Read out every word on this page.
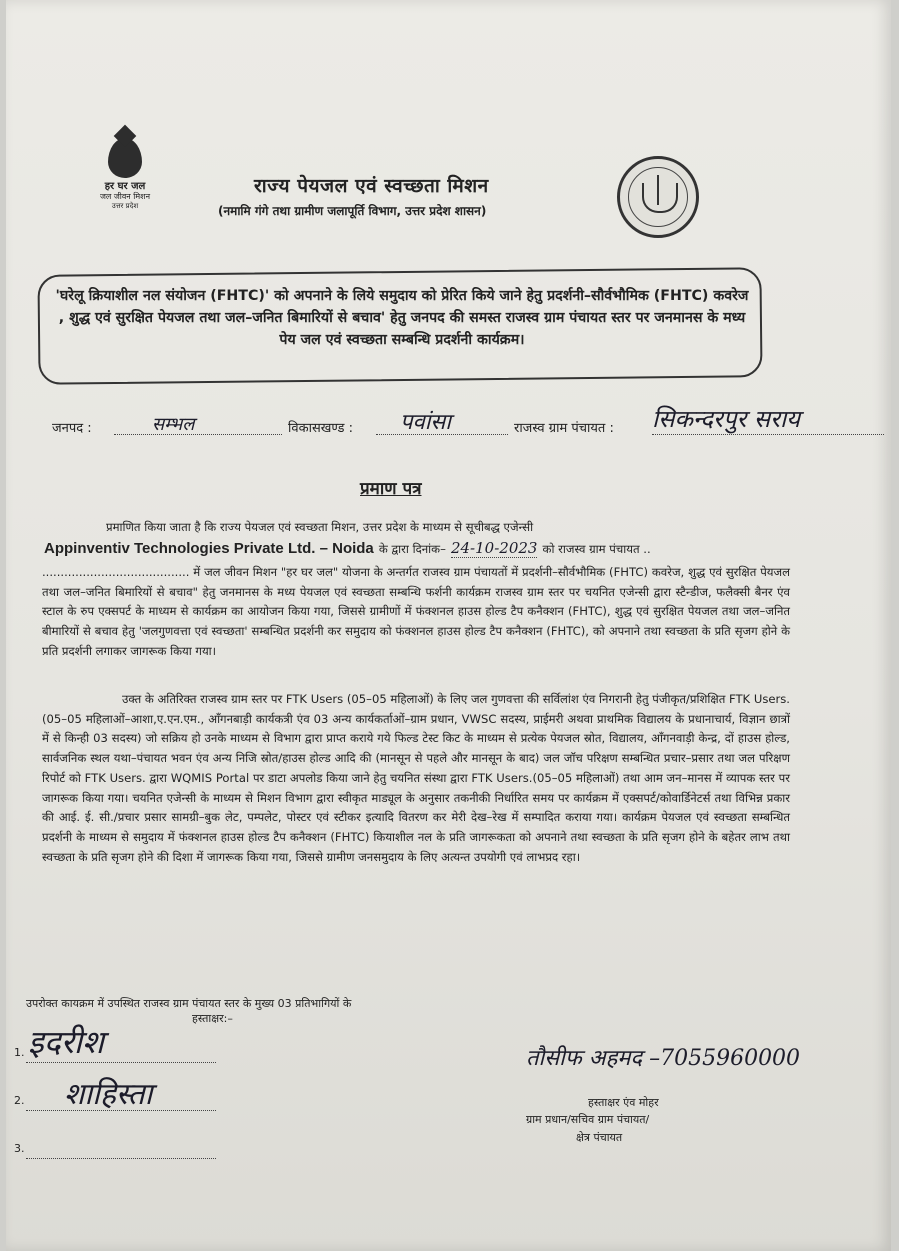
हर घर जल
जल जीवन मिशन
उत्तर प्रदेश
राज्य पेयजल एवं स्वच्छता मिशन
(नमामि गंगे तथा ग्रामीण जलापूर्ति विभाग, उत्तर प्रदेश शासन)
'घरेलू क्रियाशील नल संयोजन (FHTC)' को अपनाने के लिये समुदाय को प्रेरित किये जाने हेतु प्रदर्शनी–सौर्वभौमिक (FHTC) कवरेज , शुद्ध एवं सुरक्षित पेयजल तथा जल–जनित बिमारियों से बचाव' हेतु जनपद की समस्त राजस्व ग्राम पंचायत स्तर पर जनमानस के मध्य पेय जल एवं स्वच्छता सम्बन्धि प्रदर्शनी कार्यक्रम।
जनपद :	सम्भल	विकासखण्ड : पवांसा	राजस्व ग्राम पंचायत : सिकन्दरपुर सराय
प्रमाण पत्र
प्रमाणित किया जाता है कि राज्य पेयजल एवं स्वच्छता मिशन, उत्तर प्रदेश के माध्यम से सूचीबद्ध एजेन्सी
Appinventiv Technologies Private Ltd. – Noida के द्वारा दिनांक– 24-10-2023 को राजस्व ग्राम पंचायत ..
........................................ में जल जीवन मिशन "हर घर जल" योजना के अन्तर्गत राजस्व ग्राम पंचायतों में प्रदर्शनी–सौर्वभौमिक (FHTC) कवरेज, शुद्ध एवं सुरक्षित पेयजल तथा जल–जनित बिमारियों से बचाव" हेतु जनमानस के मध्य पेयजल एवं स्वच्छता सम्बन्धि फर्शनी कार्यक्रम राजस्व ग्राम स्तर पर चयनित एजेन्सी द्वारा स्टैन्डीज, फलैक्सी बैनर एंव स्टाल के रुप एक्सपर्ट के माध्यम से कार्यक्रम का आयोजन किया गया, जिससे ग्रामीणों में फंक्शनल हाउस होल्ड टैप कनैक्शन (FHTC), शुद्ध एवं सुरक्षित पेयजल तथा जल–जनित बीमारियों से बचाव हेतु 'जलगुणवत्ता एवं स्वच्छता' सम्बन्धित प्रदर्शनी कर समुदाय को फंक्शनल हाउस होल्ड टैप कनैक्शन (FHTC), को अपनाने तथा स्वच्छता के प्रति सृजग होने के प्रति प्रदर्शनी लगाकर जागरूक किया गया।
उक्त के अतिरिक्त राजस्व ग्राम स्तर पर FTK Users (05–05 महिलाओं) के लिए जल गुणवत्ता की सर्विलांश एंव निगरानी हेतु पंजीकृत/प्रशिक्षित FTK Users.(05–05 महिलाओं–आशा,ए.एन.एम., आँगनबाड़ी कार्यकत्री एंव 03 अन्य कार्यकर्ताओं–ग्राम प्रधान, VWSC सदस्य, प्राईमरी अथवा प्राथमिक विद्यालय के प्रधानाचार्य, विज्ञान छात्रों में से किन्ही 03 सदस्य) जो सक्रिय हो उनके माध्यम से विभाग द्वारा प्राप्त कराये गये फिल्ड टेस्ट किट के माध्यम से प्रत्येक पेयजल स्रोत, विद्यालय, आँगनवाड़ी केन्द्र, दों हाउस होल्ड, सार्वजनिक स्थल यथा–पंचायत भवन एंव अन्य निजि स्रोत/हाउस होल्ड आदि की (मानसून से पहले और मानसून के बाद) जल जॉच परिक्षण सम्बन्धित प्रचार–प्रसार तथा जल परिक्षण रिपोर्ट को FTK Users. द्वारा WQMIS Portal पर डाटा अपलोड किया जाने हेतु चयनित संस्था द्वारा FTK Users.(05–05 महिलाओं) तथा आम जन–मानस में व्यापक स्तर पर जागरूक किया गया। चयनित एजेन्सी के माध्यम से मिशन विभाग द्वारा स्वीकृत माड्यूल के अनुसार तकनीकी निर्धारित समय पर कार्यक्रम में एक्सपर्ट/कोवार्डिनेटर्स तथा विभिन्न प्रकार की आई. ई. सी./प्रचार प्रसार सामग्री–बुक लेट, पम्पलेट, पोस्टर एवं स्टीकर इत्यादि वितरण कर मेरी देख–रेख में सम्पादित कराया गया। कार्यक्रम पेयजल एवं स्वच्छता सम्बन्धित प्रदर्शनी के माध्यम से समुदाय में फंक्शनल हाउस होल्ड टैप कनैक्शन (FHTC) कियाशील नल के प्रति जागरूकता को अपनाने तथा स्वच्छता के प्रति सृजग होने के बहेतर लाभ तथा स्वच्छता के प्रति सृजग होने की दिशा में जागरूक किया गया, जिससे ग्रामीण जनसमुदाय के लिए अत्यन्त उपयोगी एवं लाभप्रद रहा।
उपरोक्त कायक्रम में उपस्थित राजस्व ग्राम पंचायत स्तर के मुख्य 03 प्रतिभागियों के
हस्ताक्षर:–
1. इदरीश
2. शाहिस्ता
3.
तौसीफ अहमद –7055960000
हस्ताक्षर एंव मोहर
ग्राम प्रधान/सचिव ग्राम पंचायत/
क्षेत्र पंचायत
